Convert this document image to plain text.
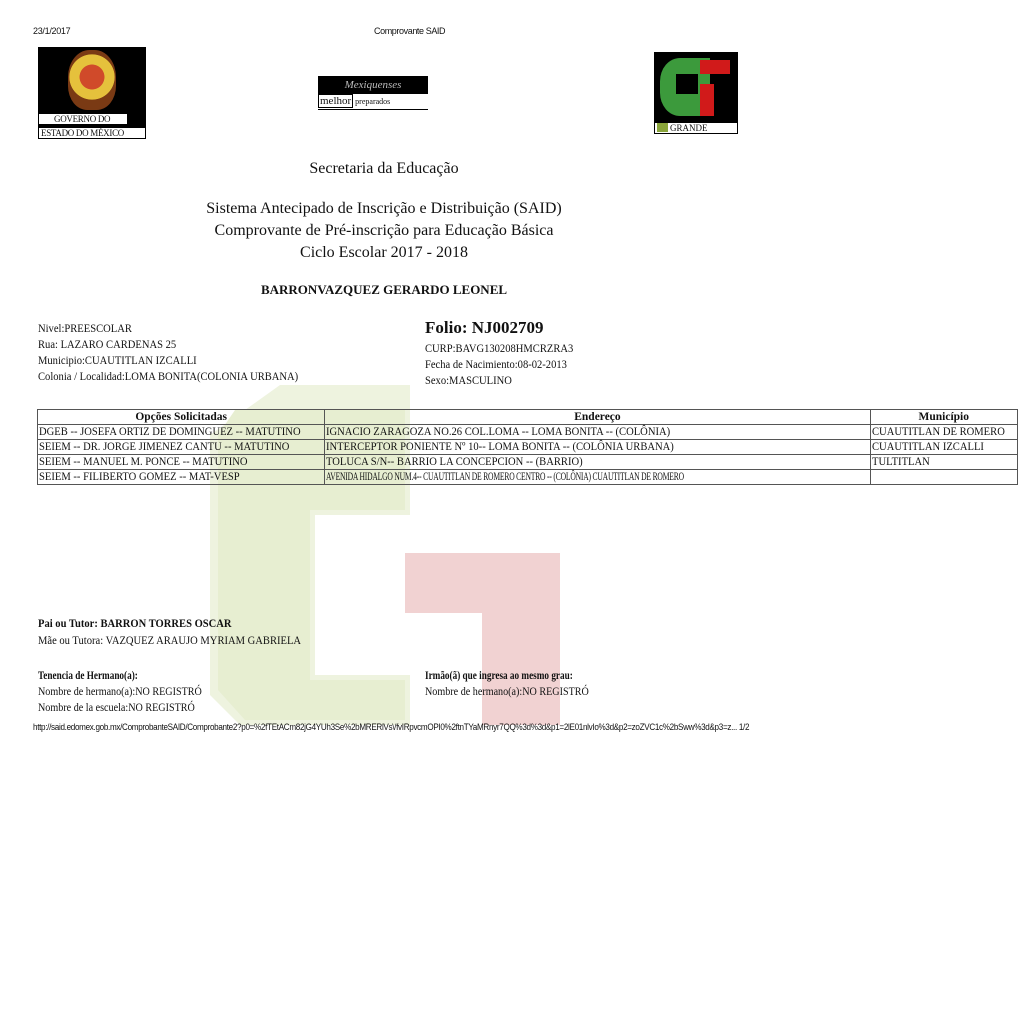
23/1/2017	Comprovante SAID
GOVERNO DO
ESTADO DO MÉXICO
Mexiquenses
melhor preparados
GRANDE
Secretaria da Educação
Sistema Antecipado de Inscrição e Distribuição (SAID)
Comprovante de Pré-inscrição para Educação Básica
Ciclo Escolar 2017 - 2018
BARRONVAZQUEZ GERARDO LEONEL
Nivel:PREESCOLAR
Rua: LAZARO CARDENAS 25
Municipio:CUAUTITLAN IZCALLI
Colonia / Localidad:LOMA BONITA(COLONIA URBANA)
Folio: NJ002709
CURP:BAVG130208HMCRZRA3
Fecha de Nacimiento:08-02-2013
Sexo:MASCULINO
Opções Solicitadas	Endereço	Município
DGEB -- JOSEFA ORTIZ DE DOMINGUEZ -- MATUTINO	IGNACIO ZARAGOZA NO.26 COL.LOMA -- LOMA BONITA -- (COLÔNIA)	CUAUTITLAN DE ROMERO
SEIEM -- DR. JORGE JIMENEZ CANTU -- MATUTINO	INTERCEPTOR PONIENTE Nº 10-- LOMA BONITA -- (COLÔNIA URBANA)	CUAUTITLAN IZCALLI
SEIEM -- MANUEL M. PONCE -- MATUTINO	TOLUCA S/N-- BARRIO LA CONCEPCION -- (BARRIO)	TULTITLAN
SEIEM -- FILIBERTO GOMEZ -- MAT-VESP	AVENIDA HIDALGO NUM.4-- CUAUTITLAN DE ROMERO CENTRO -- (COLÔNIA) CUAUTITLAN DE ROMERO	
Pai ou Tutor: BARRON TORRES OSCAR
Mãe ou Tutora: VAZQUEZ ARAUJO MYRIAM GABRIELA
Tenencia de Hermano(a):
Nombre de hermano(a):NO REGISTRÓ
Nombre de la escuela:NO REGISTRÓ
Irmão(ã) que ingresa ao mesmo grau:
Nombre de hermano(a):NO REGISTRÓ
http://said.edomex.gob.mx/ComprobanteSAID/Comprobante2?p0=%2fTEtACm82jG4YUh3Se%2bMRERlVs\/fvIRpvcmOPI0%2ftnTYaMRnyr7QQ%3d%3d&p1=2lE01nlvIo%3d&p2=zoZVC1c%2bSww%3d&p3=z... 1/2
